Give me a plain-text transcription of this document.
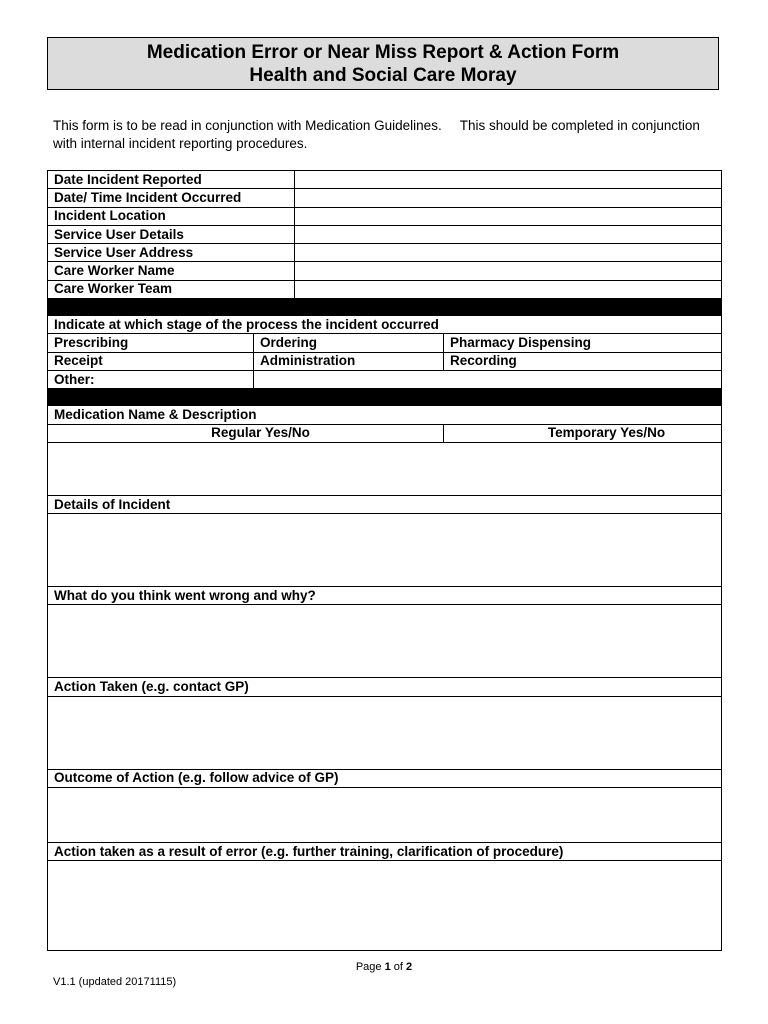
Medication Error or Near Miss Report & Action Form
Health and Social Care Moray
This form is to be read in conjunction with Medication Guidelines. This should be completed in conjunction with internal incident reporting procedures.
Date Incident Reported			
Date/ Time Incident Occurred			
Incident Location			
Service User Details			
Service User Address			
Care Worker Name			
Care Worker Team			

Indicate at which stage of the process the incident occurred			
Prescribing	Ordering		Pharmacy Dispensing
Receipt	Administration		Recording
Other:			

Medication Name & Description			
Regular Yes/No			Temporary Yes/No

Details of Incident			

What do you think went wrong and why?			

Action Taken (e.g. contact GP)			

Outcome of Action (e.g. follow advice of GP)			

Action taken as a result of error (e.g. further training, clarification of procedure)			

Page 1 of 2
V1.1 (updated 20171115)
